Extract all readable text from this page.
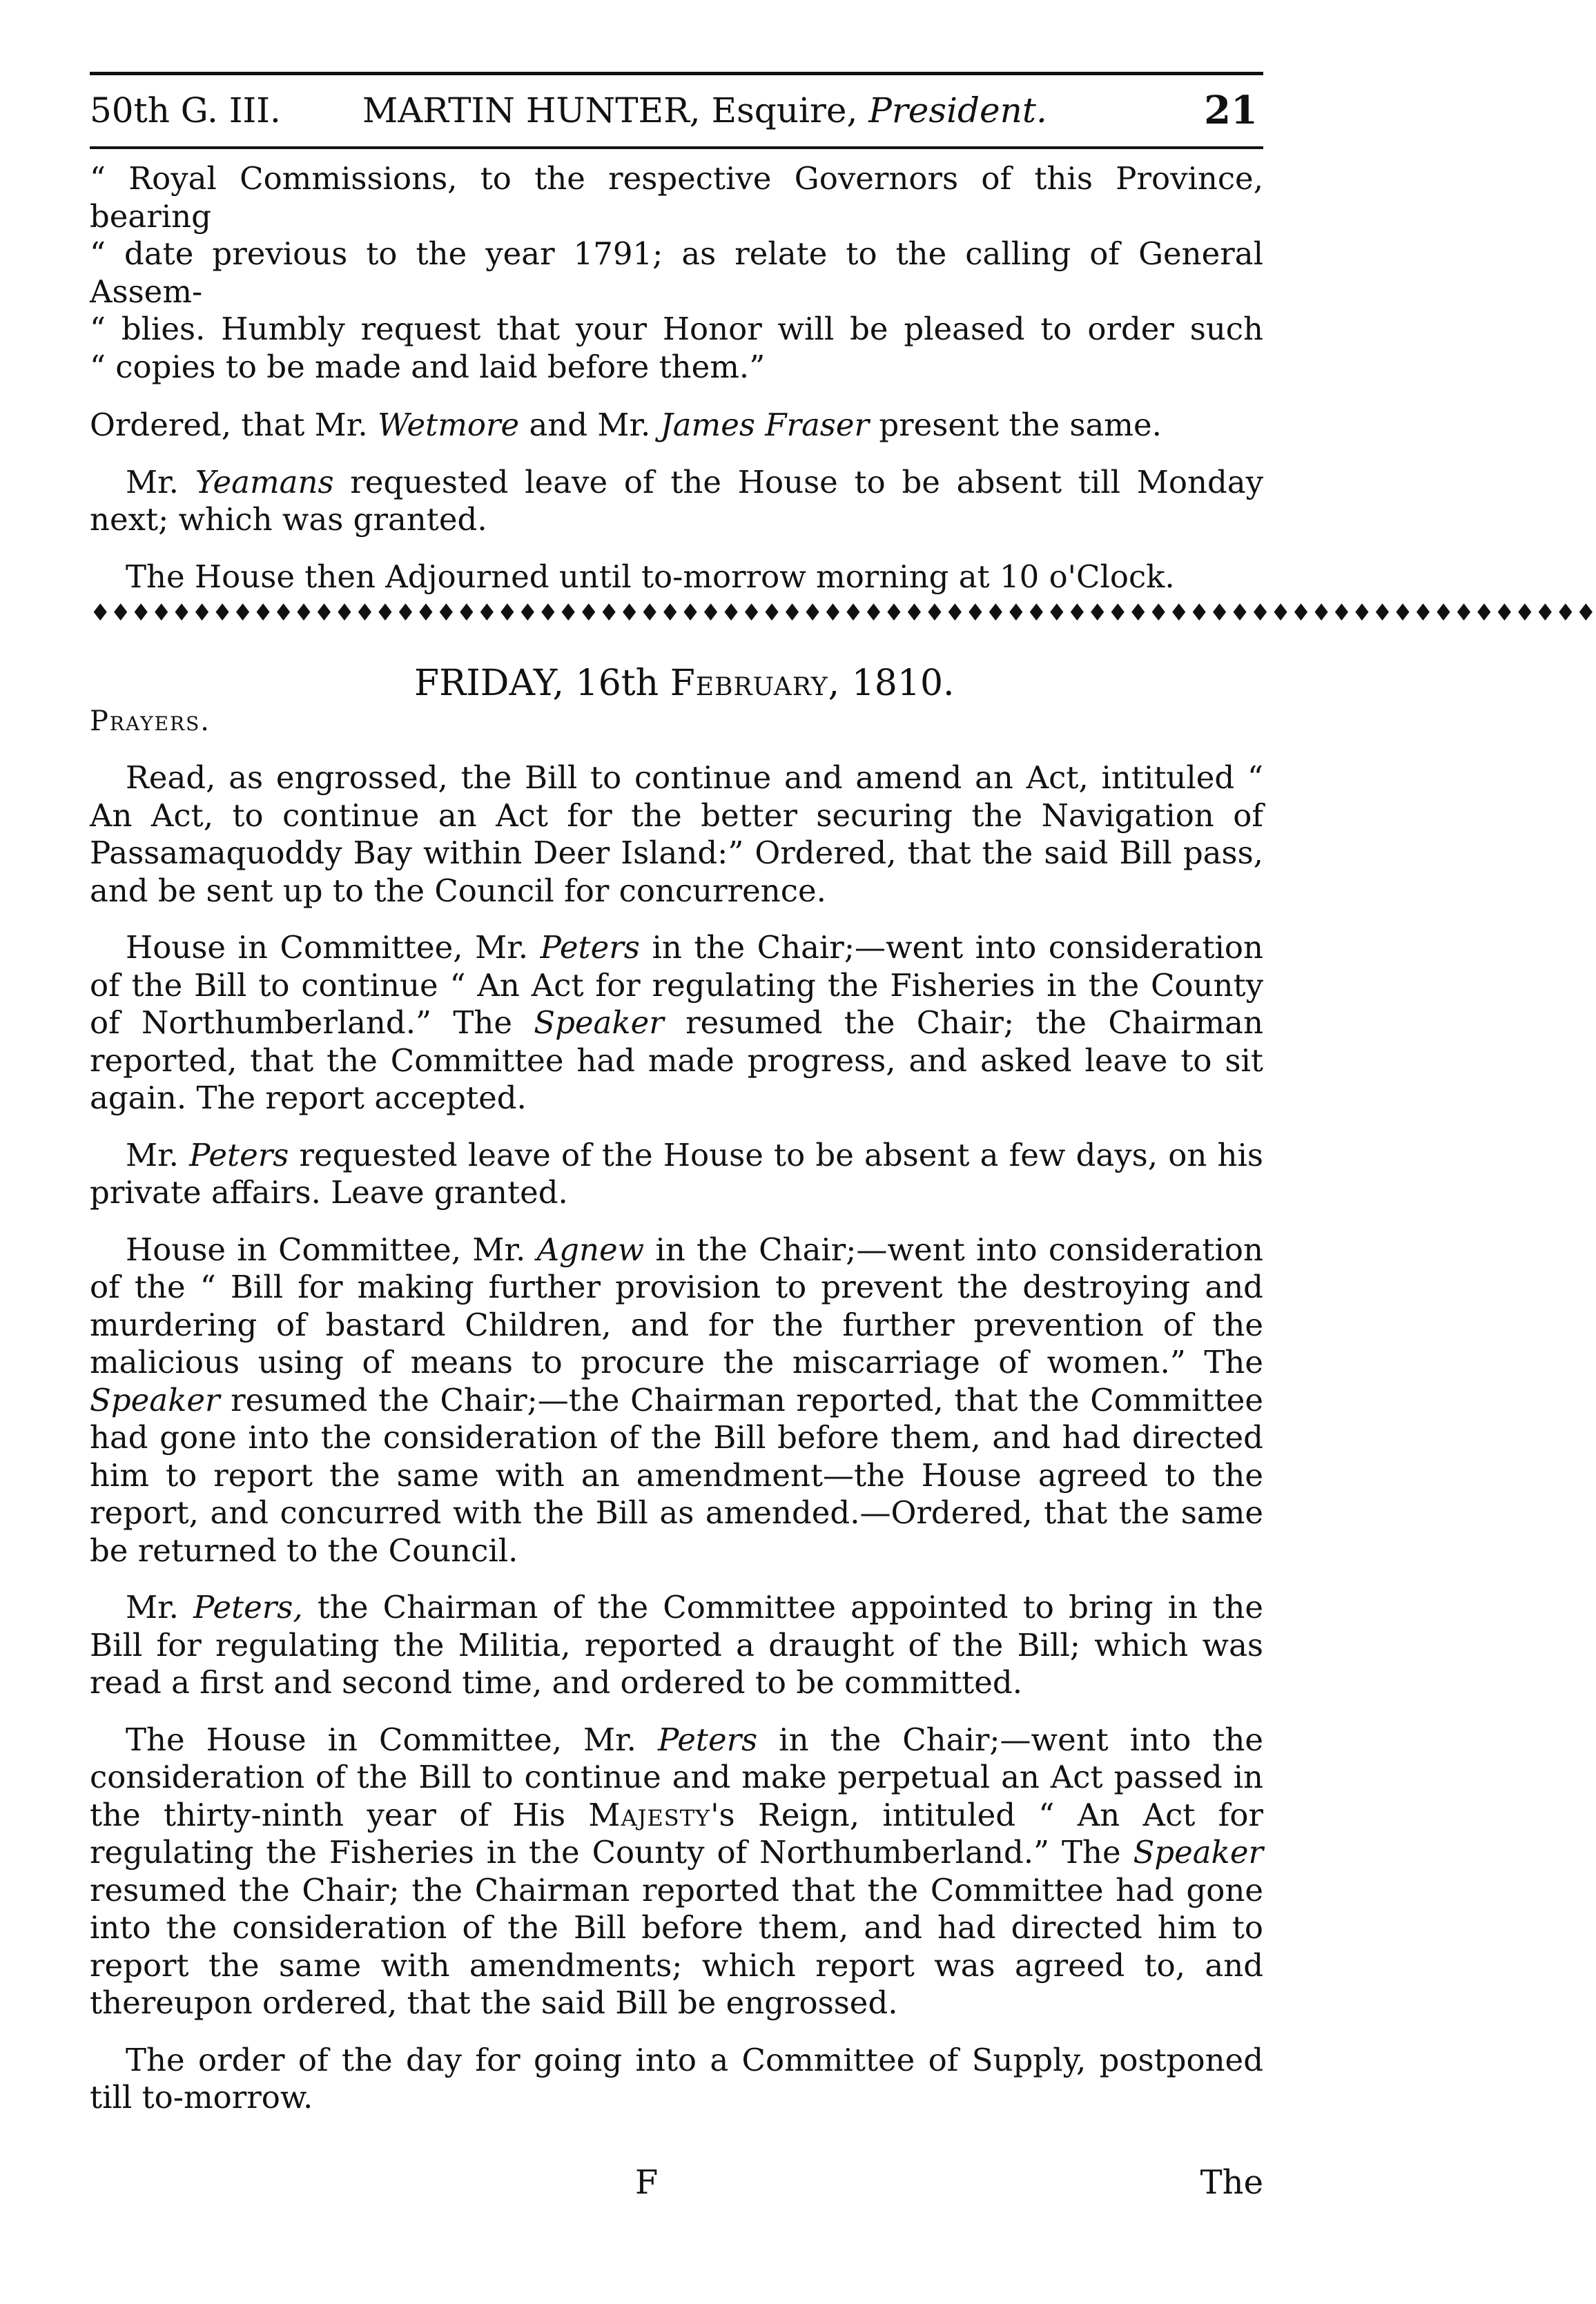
50th G. III. MARTIN HUNTER, Esquire, President.	21

“ Royal Commissions, to the respective Governors of this Province, bearing
“ date previous to the year 1791; as relate to the calling of General Assem-
“ blies. Humbly request that your Honor will be pleased to order such
“ copies to be made and laid before them.”

Ordered, that Mr. Wetmore and Mr. James Fraser present the same.

Mr. Yeamans requested leave of the House to be absent till Monday next; which was granted.

The House then Adjourned until to-morrow morning at 10 o'Clock.

♦♦♦♦♦♦♦♦♦♦♦♦♦♦♦♦♦♦♦♦♦♦♦♦♦♦♦♦♦♦♦♦♦♦♦♦♦♦♦♦♦♦♦♦♦♦♦♦♦♦♦♦♦♦♦♦♦♦♦♦♦♦♦♦♦♦♦♦♦♦♦♦♦♦
FRIDAY, 16th February, 1810.
Prayers.

Read, as engrossed, the Bill to continue and amend an Act, intituled “ An Act, to continue an Act for the better securing the Navigation of Passamaquoddy Bay within Deer Island:” Ordered, that the said Bill pass, and be sent up to the Council for concurrence.

House in Committee, Mr. Peters in the Chair;—went into consideration of the Bill to continue “ An Act for regulating the Fisheries in the County of Northumberland.” The Speaker resumed the Chair; the Chairman reported, that the Committee had made progress, and asked leave to sit again. The report accepted.

Mr. Peters requested leave of the House to be absent a few days, on his private affairs. Leave granted.

House in Committee, Mr. Agnew in the Chair;—went into consideration of the “ Bill for making further provision to prevent the destroying and murdering of bastard Children, and for the further prevention of the malicious using of means to procure the miscarriage of women.” The Speaker resumed the Chair;—the Chairman reported, that the Committee had gone into the consideration of the Bill before them, and had directed him to report the same with an amendment—the House agreed to the report, and concurred with the Bill as amended.—Ordered, that the same be returned to the Council.

Mr. Peters, the Chairman of the Committee appointed to bring in the Bill for regulating the Militia, reported a draught of the Bill; which was read a first and second time, and ordered to be committed.

The House in Committee, Mr. Peters in the Chair;—went into the consideration of the Bill to continue and make perpetual an Act passed in the thirty-ninth year of His Majesty's Reign, intituled “ An Act for regulating the Fisheries in the County of Northumberland.” The Speaker resumed the Chair; the Chairman reported that the Committee had gone into the consideration of the Bill before them, and had directed him to report the same with amendments; which report was agreed to, and thereupon ordered, that the said Bill be engrossed.

The order of the day for going into a Committee of Supply, postponed till to-morrow.

F	The
